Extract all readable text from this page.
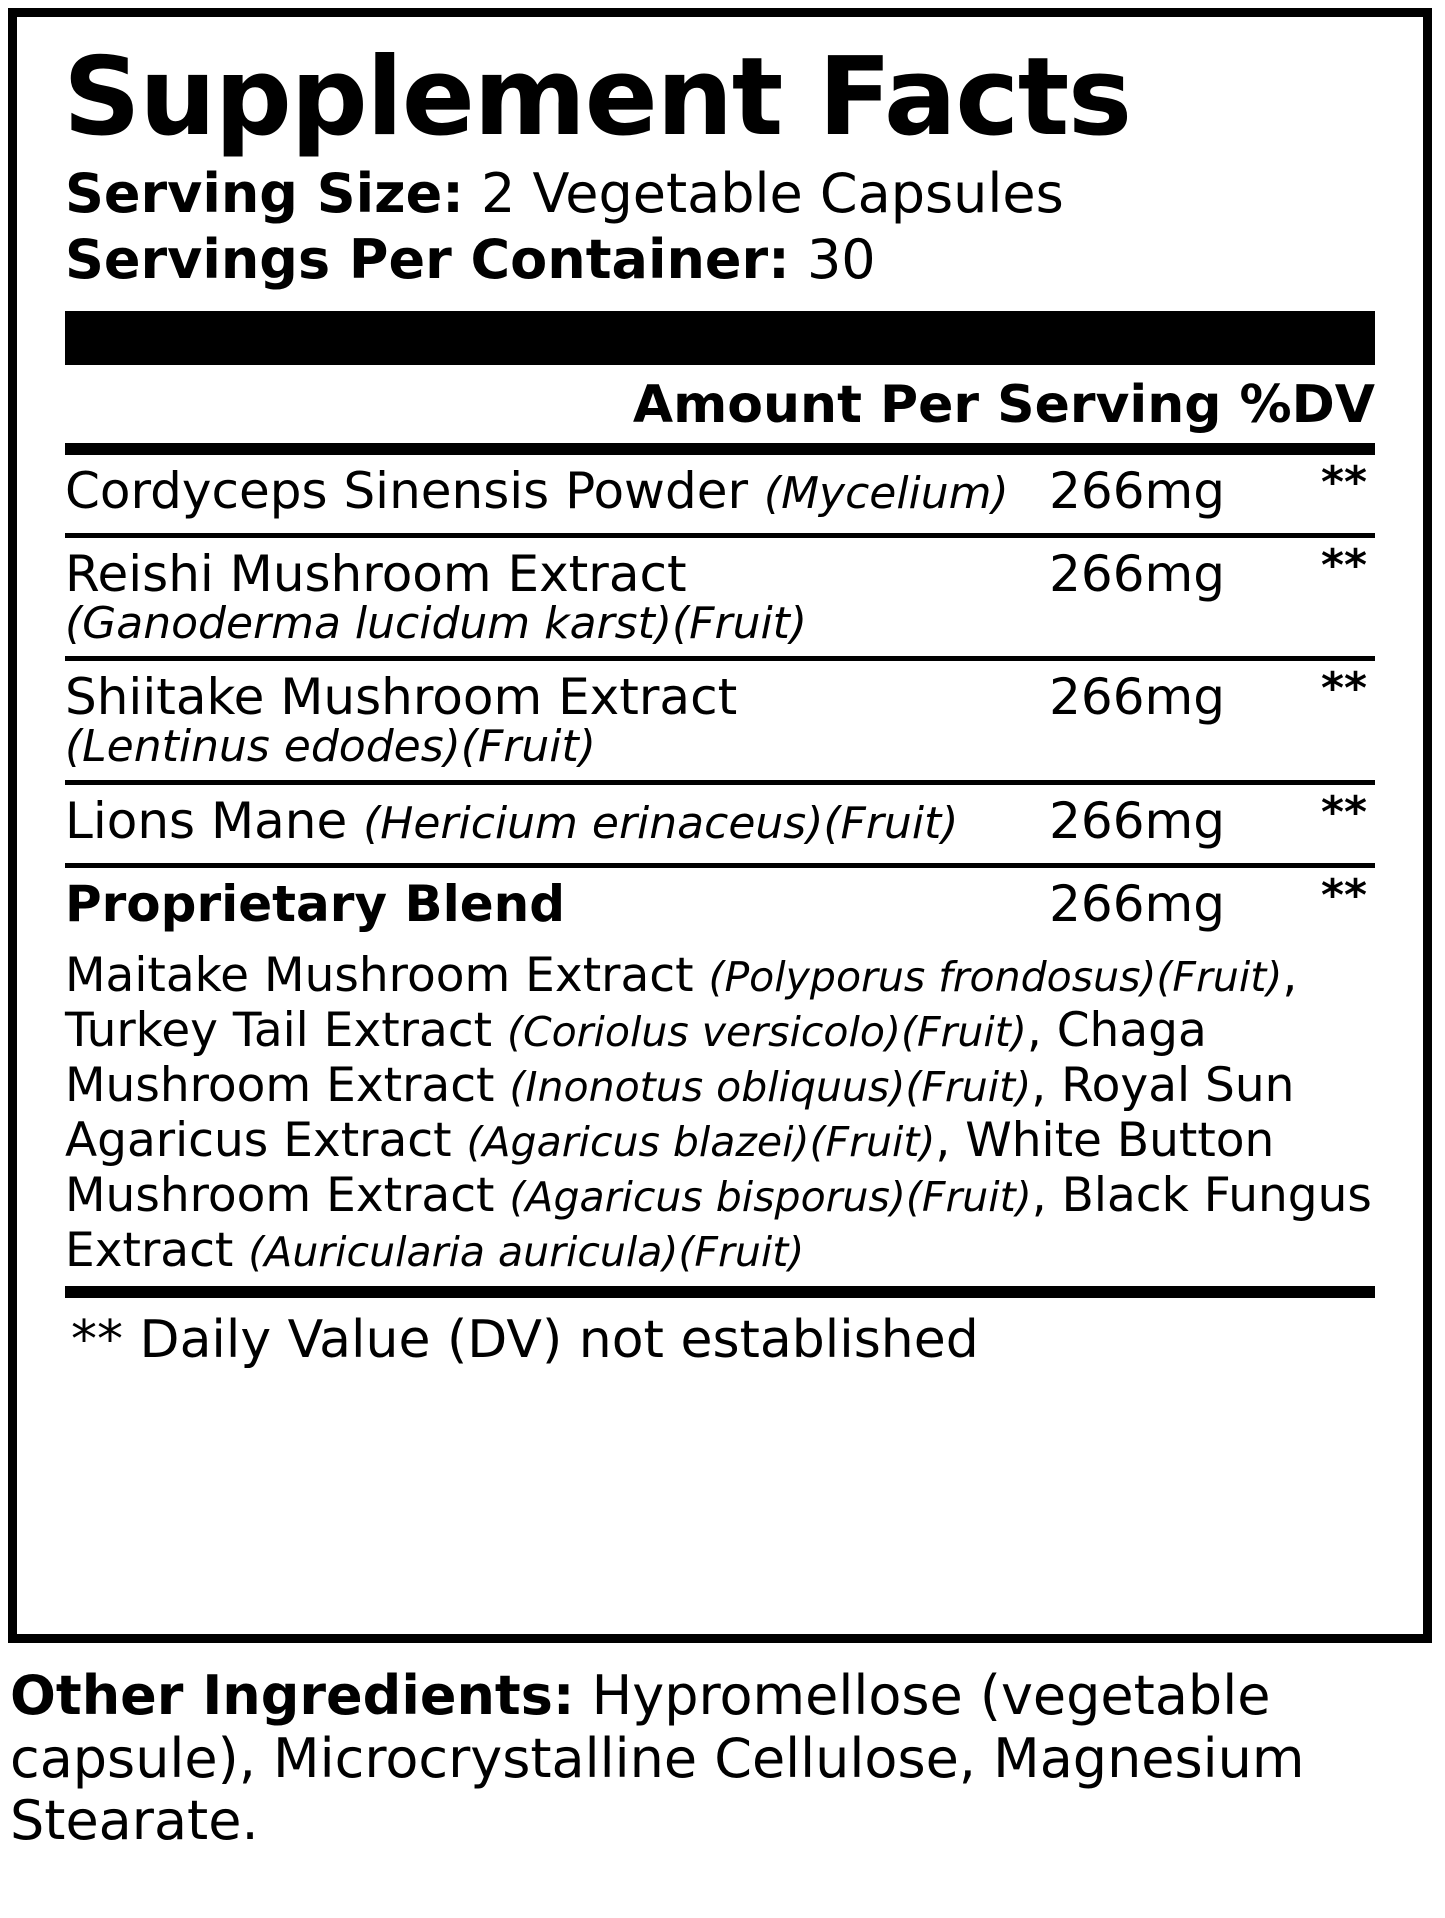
Supplement Facts
Serving Size: 2 Vegetable Capsules
Servings Per Container: 30
Amount Per Serving %DV
Cordyceps Sinensis Powder (Mycelium) 266mg **
Reishi Mushroom Extract
(Ganoderma lucidum karst)(Fruit)
266mg **
Shiitake Mushroom Extract
(Lentinus edodes)(Fruit)
266mg **
Lions Mane (Hericium erinaceus)(Fruit)	266mg **
Proprietary Blend	266mg **
Maitake Mushroom Extract (Polyporus frondosus)(Fruit), Turkey Tail Extract (Coriolus versicolo)(Fruit), Chaga Mushroom Extract (Inonotus obliquus)(Fruit), Royal Sun Agaricus Extract (Agaricus blazei)(Fruit), White Button Mushroom Extract (Agaricus bisporus)(Fruit), Black Fungus Extract (Auricularia auricula)(Fruit)
** Daily Value (DV) not established
Other Ingredients: Hypromellose (vegetable capsule), Microcrystalline Cellulose, Magnesium Stearate.
